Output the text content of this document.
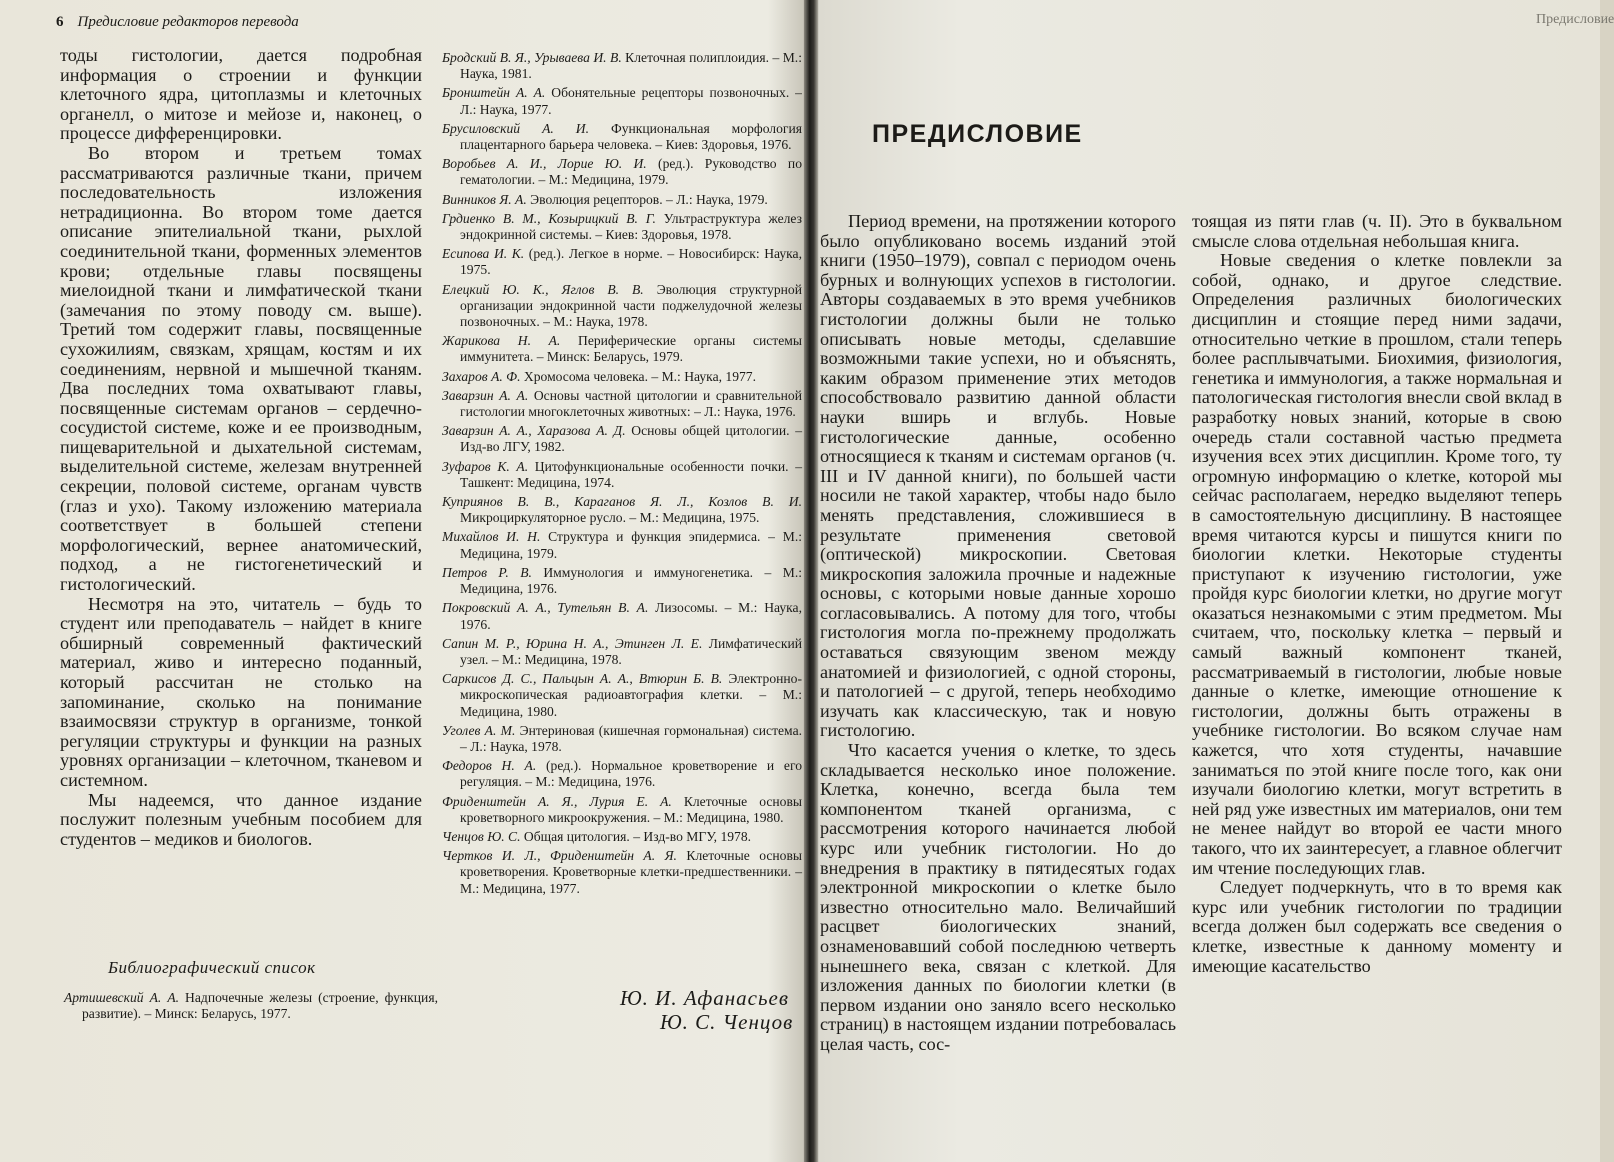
6 Предисловие редакторов перевода

тоды гистологии, дается подробная информация о строении и функции клеточного ядра, цитоплазмы и клеточных органелл, о митозе и мейозе и, наконец, о процессе дифференцировки.

Во втором и третьем томах рассматриваются различные ткани, причем последовательность изложения нетрадиционна. Во втором томе дается описание эпителиальной ткани, рыхлой соединительной ткани, форменных элементов крови; отдельные главы посвящены миелоидной ткани и лимфатической ткани (замечания по этому поводу см. выше). Третий том содержит главы, посвященные сухожилиям, связкам, хрящам, костям и их соединениям, нервной и мышечной тканям. Два последних тома охватывают главы, посвященные системам органов – сердечно-сосудистой системе, коже и ее производным, пищеварительной и дыхательной системам, выделительной системе, железам внутренней секреции, половой системе, органам чувств (глаз и ухо). Такому изложению материала соответствует в большей степени морфологический, вернее анатомический, подход, а не гистогенетический и гистологический.

Несмотря на это, читатель – будь то студент или преподаватель – найдет в книге обширный современный фактический материал, живо и интересно поданный, который рассчитан не столько на запоминание, сколько на понимание взаимосвязи структур в организме, тонкой регуляции структуры и функции на разных уровнях организации – клеточном, тканевом и системном.

Мы надеемся, что данное издание послужит полезным учебным пособием для студентов – медиков и биологов.

Библиографический список
Артишевский А. А. Надпочечные железы (строение, функция, развитие). – Минск: Беларусь, 1977.
Бродский В. Я., Урываева И. В. Клеточная полиплоидия. – М.: Наука, 1981.
Бронштейн А. А. Обонятельные рецепторы позвоночных. – Л.: Наука, 1977.
Брусиловский А. И. Функциональная морфология плацентарного барьера человека. – Киев: Здоровья, 1976.
Воробьев А. И., Лорие Ю. И. (ред.). Руководство по гематологии. – М.: Медицина, 1979.
Винников Я. А. Эволюция рецепторов. – Л.: Наука, 1979.
Грдиенко В. М., Козырицкий В. Г. Ультраструктура желез эндокринной системы. – Киев: Здоровья, 1978.
Есипова И. К. (ред.). Легкое в норме. – Новосибирск: Наука, 1975.
Елецкий Ю. К., Яглов В. В. Эволюция структурной организации эндокринной части поджелудочной железы позвоночных. – М.: Наука, 1978.
Жарикова Н. А. Периферические органы системы иммунитета. – Минск: Беларусь, 1979.
Захаров А. Ф. Хромосома человека. – М.: Наука, 1977.
Заварзин А. А. Основы частной цитологии и сравнительной гистологии многоклеточных животных: – Л.: Наука, 1976.
Заварзин А. А., Харазова А. Д. Основы общей цитологии. – Изд-во ЛГУ, 1982.
Зуфаров К. А. Цитофункциональные особенности почки. – Ташкент: Медицина, 1974.
Куприянов В. В., Караганов Я. Л., Козлов В. И. Микроциркуляторное русло. – М.: Медицина, 1975.
Михайлов И. Н. Структура и функция эпидермиса. – М.: Медицина, 1979.
Петров Р. В. Иммунология и иммуногенетика. – М.: Медицина, 1976.
Покровский А. А., Тутельян В. А. Лизосомы. – М.: Наука, 1976.
Сапин М. Р., Юрина Н. А., Этинген Л. Е. Лимфатический узел. – М.: Медицина, 1978.
Саркисов Д. С., Пальцын А. А., Втюрин Б. В. Электронно-микроскопическая радиоавтография клетки. – М.: Медицина, 1980.
Уголев А. М. Энтериновая (кишечная гормональная) система. – Л.: Наука, 1978.
Федоров Н. А. (ред.). Нормальное кроветворение и его регуляция. – М.: Медицина, 1976.
Фриденштейн А. Я., Лурия Е. А. Клеточные основы кроветворного микроокружения. – М.: Медицина, 1980.
Ченцов Ю. С. Общая цитология. – Изд-во МГУ, 1978.
Чертков И. Л., Фриденштейн А. Я. Клеточные основы кроветворения. Кроветворные клетки-предшественники. – М.: Медицина, 1977.
Ю. И. Афанасьев
Ю. С. Ченцов
Предисловие
ПРЕДИСЛОВИЕ

Период времени, на протяжении которого было опубликовано восемь изданий этой книги (1950–1979), совпал с периодом очень бурных и волнующих успехов в гистологии. Авторы создаваемых в это время учебников гистологии должны были не только описывать новые методы, сделавшие возможными такие успехи, но и объяснять, каким образом применение этих методов способствовало развитию данной области науки вширь и вглубь. Новые гистологические данные, особенно относящиеся к тканям и системам органов (ч. III и IV данной книги), по большей части носили не такой характер, чтобы надо было менять представления, сложившиеся в результате применения световой (оптической) микроскопии. Световая микроскопия заложила прочные и надежные основы, с которыми новые данные хорошо согласовывались. А потому для того, чтобы гистология могла по-прежнему продолжать оставаться связующим звеном между анатомией и физиологией, с одной стороны, и патологией – с другой, теперь необходимо изучать как классическую, так и новую гистологию.

Что касается учения о клетке, то здесь складывается несколько иное положение. Клетка, конечно, всегда была тем компонентом тканей организма, с рассмотрения которого начинается любой курс или учебник гистологии. Но до внедрения в практику в пятидесятых годах электронной микроскопии о клетке было известно относительно мало. Величайший расцвет биологических знаний, ознаменовавший собой последнюю четверть нынешнего века, связан с клеткой. Для изложения данных по биологии клетки (в первом издании оно заняло всего несколько страниц) в настоящем издании потребовалась целая часть, сос-

тоящая из пяти глав (ч. II). Это в буквальном смысле слова отдельная небольшая книга.

Новые сведения о клетке повлекли за собой, однако, и другое следствие. Определения различных биологических дисциплин и стоящие перед ними задачи, относительно четкие в прошлом, стали теперь более расплывчатыми. Биохимия, физиология, генетика и иммунология, а также нормальная и патологическая гистология внесли свой вклад в разработку новых знаний, которые в свою очередь стали составной частью предмета изучения всех этих дисциплин. Кроме того, ту огромную информацию о клетке, которой мы сейчас располагаем, нередко выделяют теперь в самостоятельную дисциплину. В настоящее время читаются курсы и пишутся книги по биологии клетки. Некоторые студенты приступают к изучению гистологии, уже пройдя курс биологии клетки, но другие могут оказаться незнакомыми с этим предметом. Мы считаем, что, поскольку клетка – первый и самый важный компонент тканей, рассматриваемый в гистологии, любые новые данные о клетке, имеющие отношение к гистологии, должны быть отражены в учебнике гистологии. Во всяком случае нам кажется, что хотя студенты, начавшие заниматься по этой книге после того, как они изучали биологию клетки, могут встретить в ней ряд уже известных им материалов, они тем не менее найдут во второй ее части много такого, что их заинтересует, а главное облегчит им чтение последующих глав.

Следует подчеркнуть, что в то время как курс или учебник гистологии по традиции всегда должен был содержать все сведения о клетке, известные к данному моменту и имеющие касательство
